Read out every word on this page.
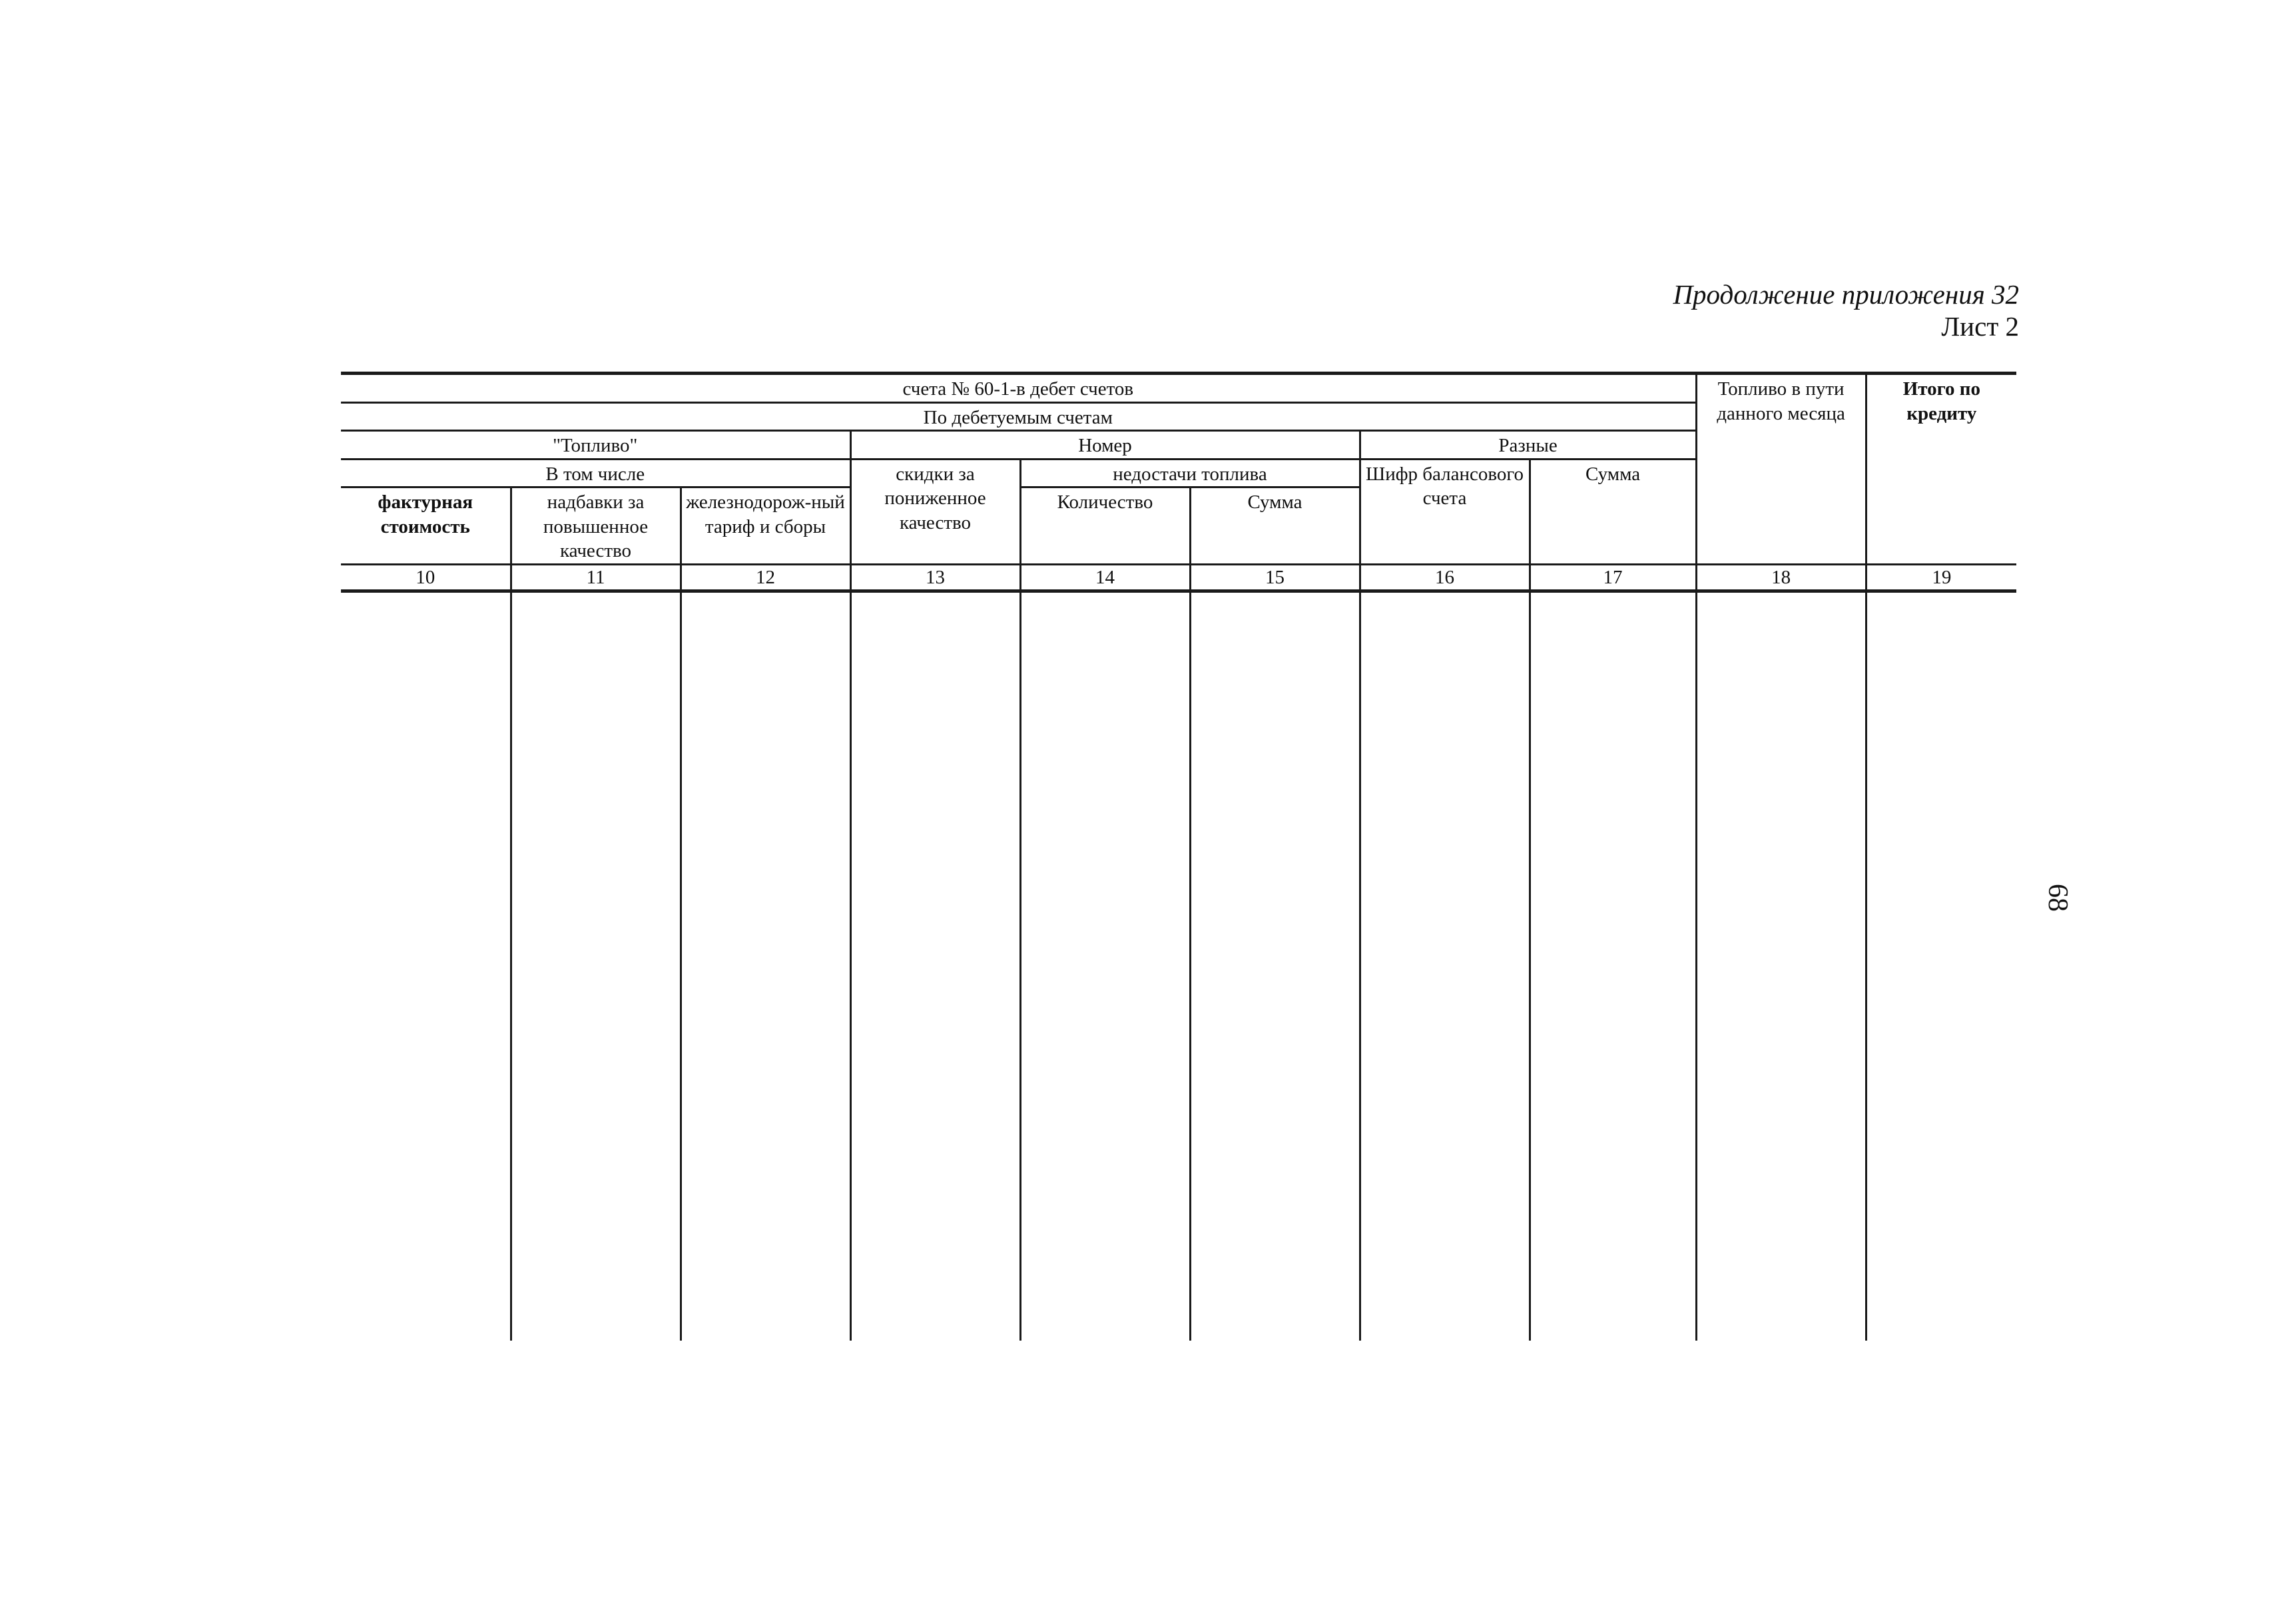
Продолжение приложения 32
Лист 2
68
счета № 60-1-в дебет счетов								Топливо в пути данного месяца	Итого по кредиту
По дебетуемым счетам									
"Топливо"			Номер			Разные			
В том числе			скидки за пониженное качество	недостачи топлива		Шифр балансового счета	Сумма		
фактурная стоимость	надбавки за повышенное качество	железнодорож-ный тариф и сборы		Количество	Сумма				
10	11	12	13	14	15	16	17	18	19
